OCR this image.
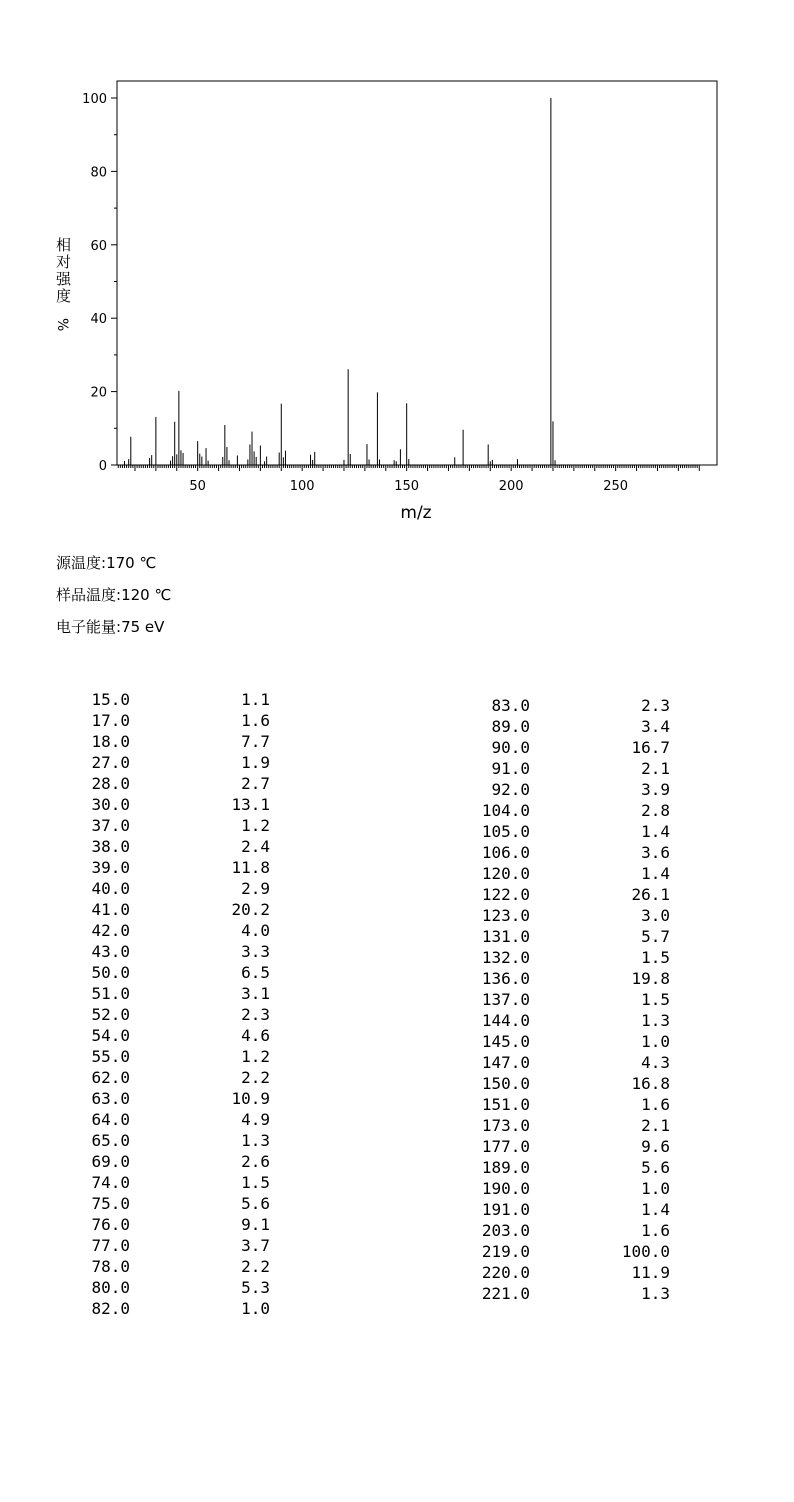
0
20
40
60
80
100
50	100	150	200	250
m/z
相对强度
%
源温度:170 ℃
样品温度:120 ℃
电子能量:75 eV
15.0	1.1
17.0	1.6
18.0	7.7
27.0	1.9
28.0	2.7
30.0	13.1
37.0	1.2
38.0	2.4
39.0	11.8
40.0	2.9
41.0	20.2
42.0	4.0
43.0	3.3
50.0	6.5
51.0	3.1
52.0	2.3
54.0	4.6
55.0	1.2
62.0	2.2
63.0	10.9
64.0	4.9
65.0	1.3
69.0	2.6
74.0	1.5
75.0	5.6
76.0	9.1
77.0	3.7
78.0	2.2
80.0	5.3
82.0	1.0
83.0	2.3
89.0	3.4
90.0	16.7
91.0	2.1
92.0	3.9
104.0	2.8
105.0	1.4
106.0	3.6
120.0	1.4
122.0	26.1
123.0	3.0
131.0	5.7
132.0	1.5
136.0	19.8
137.0	1.5
144.0	1.3
145.0	1.0
147.0	4.3
150.0	16.8
151.0	1.6
173.0	2.1
177.0	9.6
189.0	5.6
190.0	1.0
191.0	1.4
203.0	1.6
219.0	100.0
220.0	11.9
221.0	1.3
